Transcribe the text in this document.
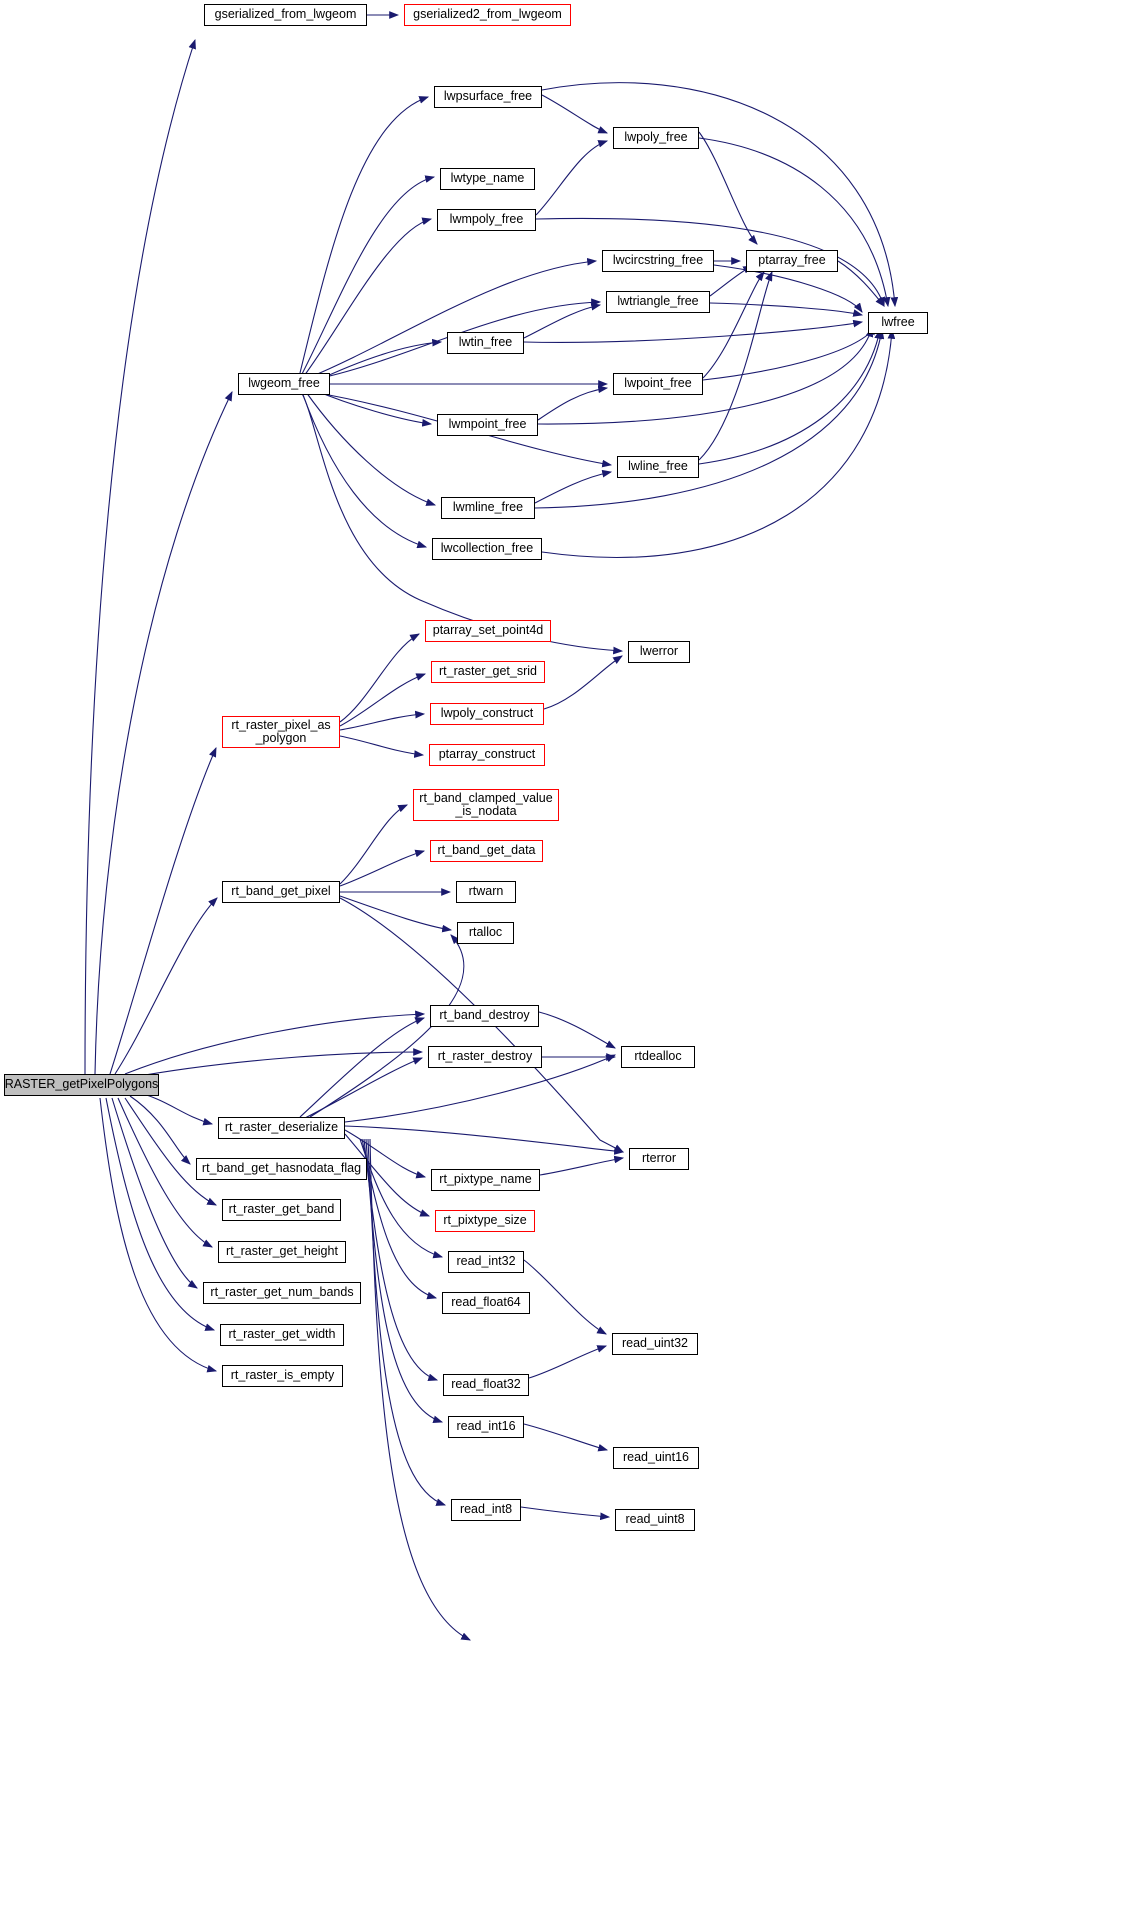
RASTER_getPixelPolygons
gserialized_from_lwgeom	gserialized2_from_lwgeom
lwpsurface_free
lwpoly_free
lwtype_name
lwmpoly_free
lwcircstring_free	ptarray_free
lwtriangle_free
lwfree
lwtin_free
lwgeom_free	lwpoint_free
lwmpoint_free
lwline_free
lwmline_free
lwcollection_free
ptarray_set_point4d
lwerror
rt_raster_get_srid
rt_raster_pixel_as
_polygon
lwpoly_construct
ptarray_construct
rt_band_clamped_value
_is_nodata
rt_band_get_data
rt_band_get_pixel	rtwarn
rtalloc
rt_band_destroy
rt_raster_destroy	rtdealloc
rt_raster_deserialize
rterror
rt_band_get_hasnodata_flag
rt_pixtype_name
rt_raster_get_band
rt_pixtype_size
rt_raster_get_height
read_int32
rt_raster_get_num_bands
read_float64
rt_raster_get_width
read_uint32
read_float32
rt_raster_is_empty
read_int16
read_uint16
read_int8
read_uint8
